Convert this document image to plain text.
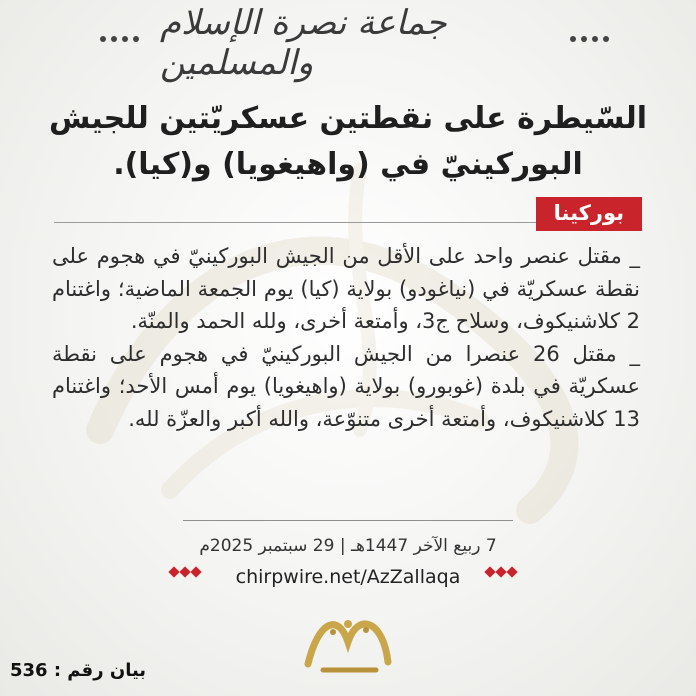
جماعة نصرة الإسلام والمسلمين
السّيطرة على نقطتين عسكريّتين للجيش
البوركينيّ في (واهيغويا) و(كيا).
بوركينا

_ مقتل عنصر واحد على الأقل من الجيش البوركينيّ في هجوم على نقطة عسكريّة في (نياغودو) بولاية (كيا) يوم الجمعة الماضية؛ واغتنام 2 كلاشنيكوف، وسلاح ج3، وأمتعة أخرى، ولله الحمد والمنّة.

_ مقتل 26 عنصرا من الجيش البوركينيّ في هجوم على نقطة عسكريّة في بلدة (غوبورو) بولاية (واهيغويا) يوم أمس الأحد؛ واغتنام 13 كلاشنيكوف، وأمتعة أخرى متنوّعة، والله أكبر والعزّة لله.

7 ربيع الآخر 1447هـ | 29 سبتمبر 2025م
chirpwire.net/AzZallaqa
بيان رقم : 536
